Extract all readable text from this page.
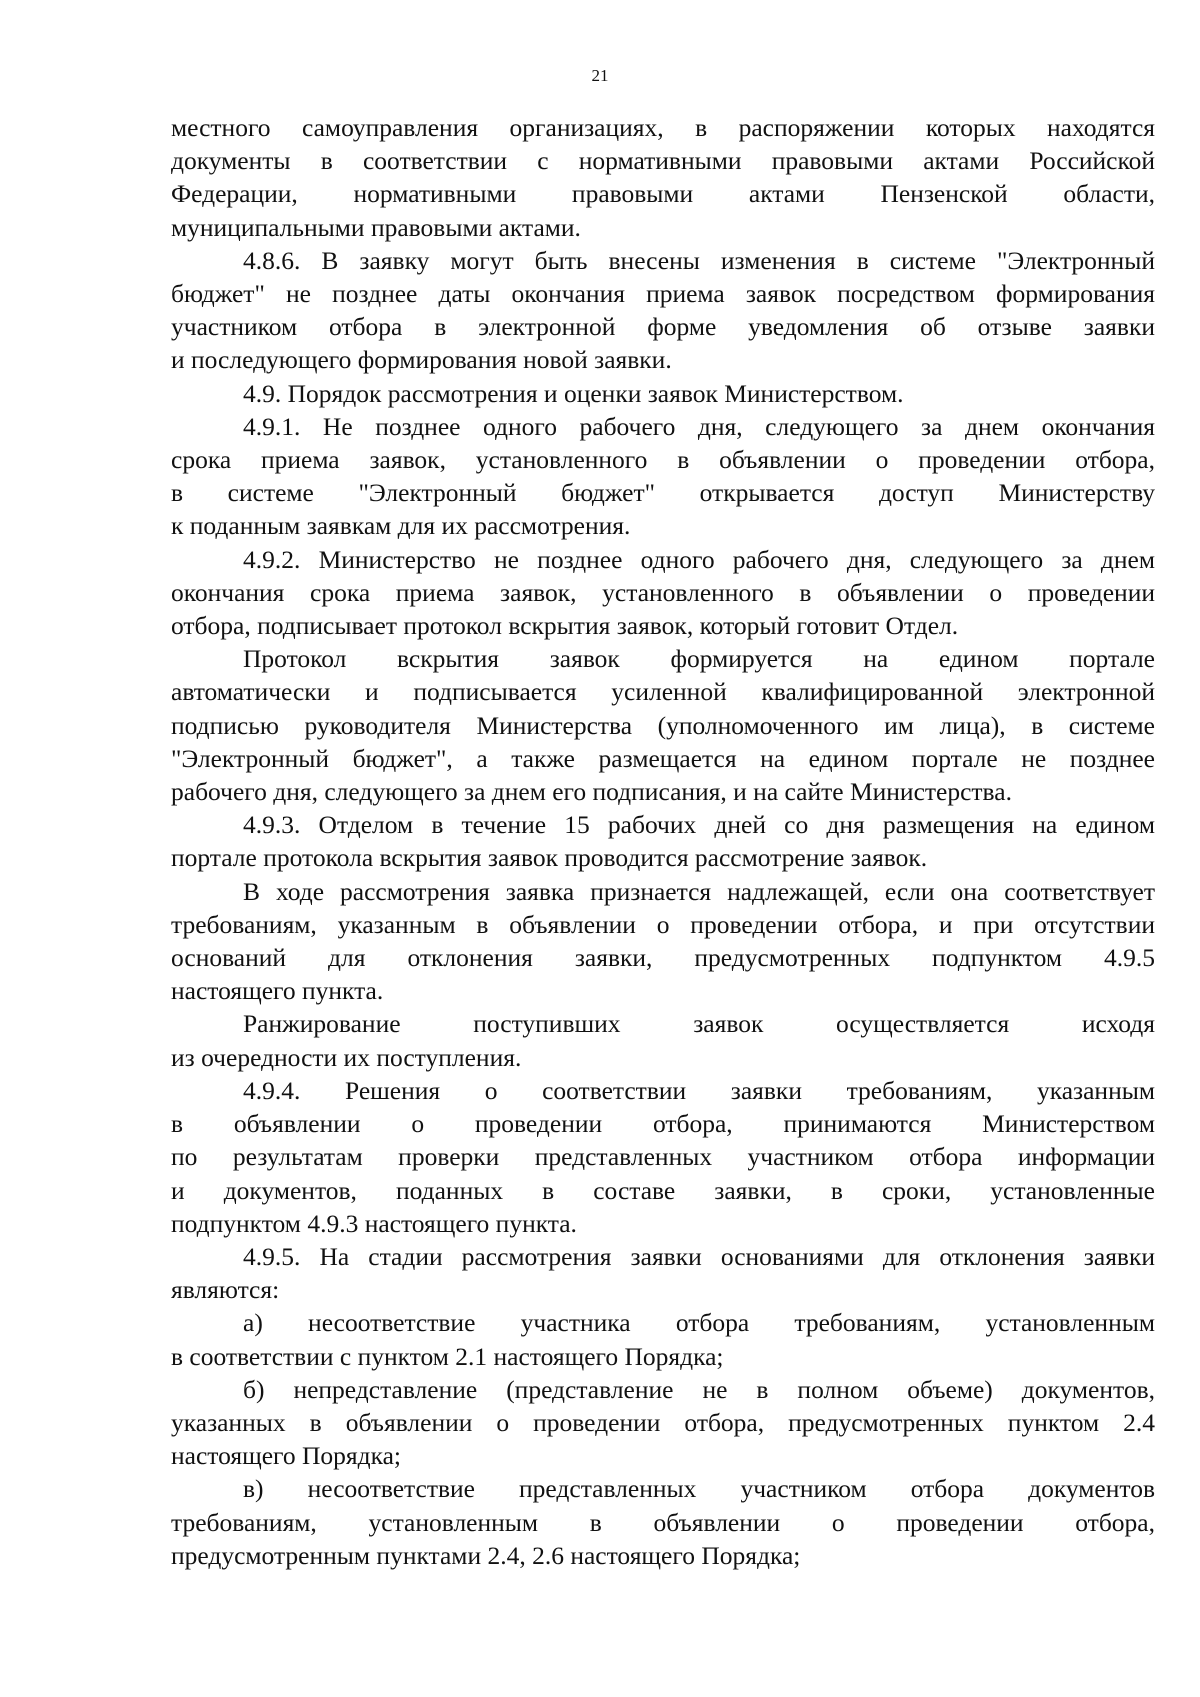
21

местного самоуправления организациях, в распоряжении которых находятся
документы в соответствии с нормативными правовыми актами Российской
Федерации, нормативными правовыми актами Пензенской области,
муниципальными правовыми актами.

4.8.6. В заявку могут быть внесены изменения в системе "Электронный
бюджет" не позднее даты окончания приема заявок посредством формирования
участником отбора в электронной форме уведомления об отзыве заявки
и последующего формирования новой заявки.

4.9. Порядок рассмотрения и оценки заявок Министерством.

4.9.1. Не позднее одного рабочего дня, следующего за днем окончания
срока приема заявок, установленного в объявлении о проведении отбора,
в системе "Электронный бюджет" открывается доступ Министерству
к поданным заявкам для их рассмотрения.

4.9.2. Министерство не позднее одного рабочего дня, следующего за днем
окончания срока приема заявок, установленного в объявлении о проведении
отбора, подписывает протокол вскрытия заявок, который готовит Отдел.

Протокол вскрытия заявок формируется на едином портале
автоматически и подписывается усиленной квалифицированной электронной
подписью руководителя Министерства (уполномоченного им лица), в системе
"Электронный бюджет", а также размещается на едином портале не позднее
рабочего дня, следующего за днем его подписания, и на сайте Министерства.

4.9.3. Отделом в течение 15 рабочих дней со дня размещения на едином
портале протокола вскрытия заявок проводится рассмотрение заявок.

В ходе рассмотрения заявка признается надлежащей, если она соответствует
требованиям, указанным в объявлении о проведении отбора, и при отсутствии
оснований для отклонения заявки, предусмотренных подпунктом 4.9.5
настоящего пункта.

Ранжирование поступивших заявок осуществляется исходя
из очередности их поступления.

4.9.4. Решения о соответствии заявки требованиям, указанным
в объявлении о проведении отбора, принимаются Министерством
по результатам проверки представленных участником отбора информации
и документов, поданных в составе заявки, в сроки, установленные
подпунктом 4.9.3 настоящего пункта.

4.9.5. На стадии рассмотрения заявки основаниями для отклонения заявки
являются:

а) несоответствие участника отбора требованиям, установленным
в соответствии с пунктом 2.1 настоящего Порядка;

б) непредставление (представление не в полном объеме) документов,
указанных в объявлении о проведении отбора, предусмотренных пунктом 2.4
настоящего Порядка;

в) несоответствие представленных участником отбора документов
требованиям, установленным в объявлении о проведении отбора,
предусмотренным пунктами 2.4, 2.6 настоящего Порядка;
